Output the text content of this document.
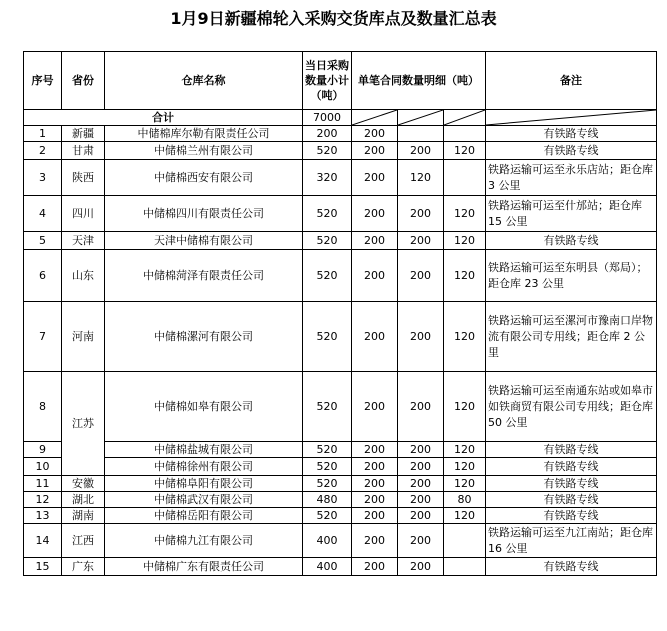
1月9日新疆棉轮入采购交货库点及数量汇总表
序号	省份	仓库名称	当日采购数量小计（吨）	单笔合同数量明细（吨）			备注
合计			7000	

1	新疆	中储棉库尔勒有限责任公司	200	200			有铁路专线
2	甘肃	中储棉兰州有限公司	520	200	200	120	有铁路专线
3	陕西	中储棉西安有限公司	320	200	120		铁路运输可运至永乐店站；距仓库 3 公里
4	四川	中储棉四川有限责任公司	520	200	200	120	铁路运输可运至什邡站；距仓库 15 公里
5	天津	天津中储棉有限公司	520	200	200	120	有铁路专线
6	山东	中储棉菏泽有限责任公司	520	200	200	120	铁路运输可运至东明县（郑局）；距仓库 23 公里
7	河南	中储棉漯河有限公司	520	200	200	120	铁路运输可运至漯河市豫南口岸物流有限公司专用线；距仓库 2 公里
8	江苏	中储棉如皋有限公司	520	200	200	120	铁路运输可运至南通东站或如皋市如铁商贸有限公司专用线；距仓库 50 公里
9		中储棉盐城有限公司	520	200	200	120	有铁路专线
10		中储棉徐州有限公司	520	200	200	120	有铁路专线
11	安徽	中储棉阜阳有限公司	520	200	200	120	有铁路专线
12	湖北	中储棉武汉有限公司	480	200	200	80	有铁路专线
13	湖南	中储棉岳阳有限公司	520	200	200	120	有铁路专线
14	江西	中储棉九江有限公司	400	200	200		铁路运输可运至九江南站；距仓库 16 公里
15	广东	中储棉广东有限责任公司	400	200	200		有铁路专线
